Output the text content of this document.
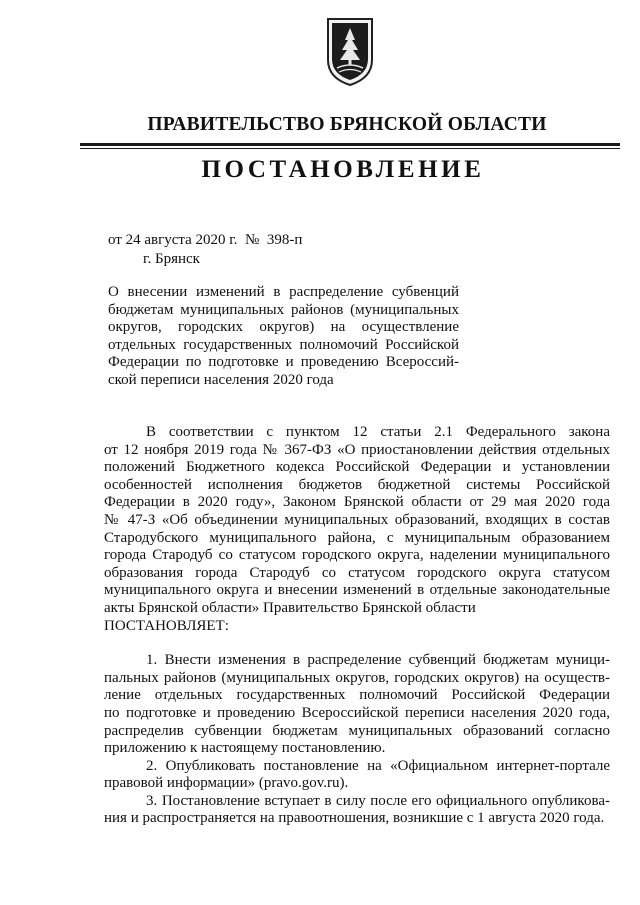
ПРАВИТЕЛЬСТВО БРЯНСКОЙ ОБЛАСТИ
ПОСТАНОВЛЕНИЕ
от 24 августа 2020 г.  №  398-п
г. Брянск
О внесении изменений в распределение субвенций
бюджетам муниципальных районов (муниципальных
округов, городских округов) на осуществление
отдельных государственных полномочий Российской
Федерации по подготовке и проведению Всероссий-
ской переписи населения 2020 года
В соответствии с пунктом 12 статьи 2.1 Федерального закона
от 12 ноября 2019 года № 367-ФЗ «О приостановлении действия отдельных
положений Бюджетного кодекса Российской Федерации и установлении
особенностей исполнения бюджетов бюджетной системы Российской
Федерации в 2020 году», Законом Брянской области от 29 мая 2020 года
№ 47-З «Об объединении муниципальных образований, входящих в состав
Стародубского муниципального района, с муниципальным образованием
города Стародуб со статусом городского округа, наделении муниципального
образования города Стародуб со статусом городского округа статусом
муниципального округа и внесении изменений в отдельные законодательные
акты Брянской области» Правительство Брянской области
ПОСТАНОВЛЯЕТ:
1. Внести изменения в распределение субвенций бюджетам муници-
пальных районов (муниципальных округов, городских округов) на осуществ-
ление отдельных государственных полномочий Российской Федерации
по подготовке и проведению Всероссийской переписи населения 2020 года,
распределив субвенции бюджетам муниципальных образований согласно
приложению к настоящему постановлению.
2. Опубликовать постановление на «Официальном интернет-портале
правовой информации» (pravo.gov.ru).
3. Постановление вступает в силу после его официального опубликова-
ния и распространяется на правоотношения, возникшие с 1 августа 2020 года.
